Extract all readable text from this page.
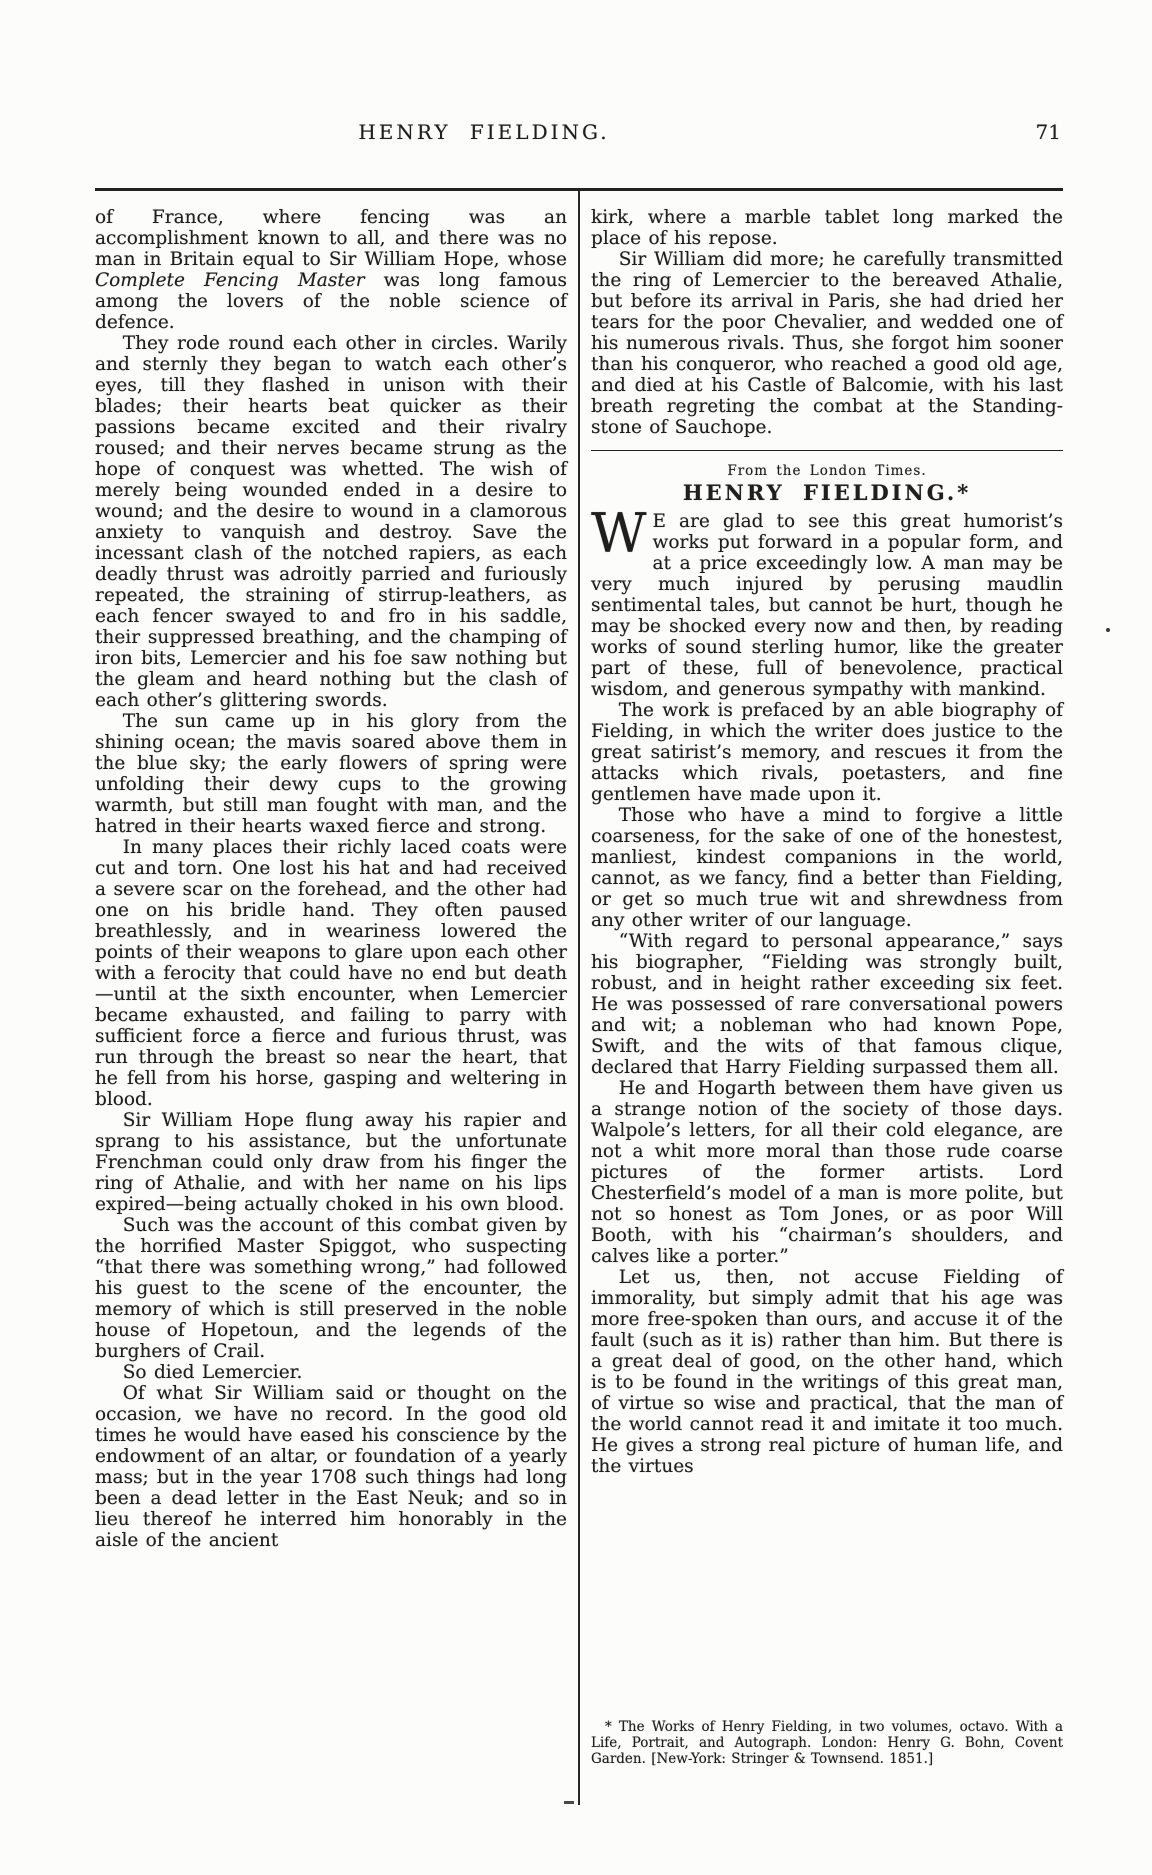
HENRY FIELDING.	71

of France, where fencing was an accomplishment known to all, and there was no man in Britain equal to Sir William Hope, whose Complete Fencing Master was long famous among the lovers of the noble science of defence.

They rode round each other in circles. Warily and sternly they began to watch each other’s eyes, till they flashed in unison with their blades; their hearts beat quicker as their passions became excited and their rivalry roused; and their nerves became strung as the hope of conquest was whetted. The wish of merely being wounded ended in a desire to wound; and the desire to wound in a clamorous anxiety to vanquish and destroy. Save the incessant clash of the notched rapiers, as each deadly thrust was adroitly parried and furiously repeated, the straining of stirrup-leathers, as each fencer swayed to and fro in his saddle, their suppressed breathing, and the champing of iron bits, Lemercier and his foe saw nothing but the gleam and heard nothing but the clash of each other’s glittering swords.

The sun came up in his glory from the shining ocean; the mavis soared above them in the blue sky; the early flowers of spring were unfolding their dewy cups to the growing warmth, but still man fought with man, and the hatred in their hearts waxed fierce and strong.

In many places their richly laced coats were cut and torn. One lost his hat and had received a severe scar on the forehead, and the other had one on his bridle hand. They often paused breathlessly, and in weariness lowered the points of their weapons to glare upon each other with a ferocity that could have no end but death—until at the sixth encounter, when Lemercier became exhausted, and failing to parry with sufficient force a fierce and furious thrust, was run through the breast so near the heart, that he fell from his horse, gasping and weltering in blood.

Sir William Hope flung away his rapier and sprang to his assistance, but the unfortunate Frenchman could only draw from his finger the ring of Athalie, and with her name on his lips expired—being actually choked in his own blood.

Such was the account of this combat given by the horrified Master Spiggot, who suspecting “that there was something wrong,” had followed his guest to the scene of the encounter, the memory of which is still preserved in the noble house of Hopetoun, and the legends of the burghers of Crail.

So died Lemercier.

Of what Sir William said or thought on the occasion, we have no record. In the good old times he would have eased his conscience by the endowment of an altar, or foundation of a yearly mass; but in the year 1708 such things had long been a dead letter in the East Neuk; and so in lieu thereof he interred him honorably in the aisle of the ancient

kirk, where a marble tablet long marked the place of his repose.

Sir William did more; he carefully transmitted the ring of Lemercier to the bereaved Athalie, but before its arrival in Paris, she had dried her tears for the poor Chevalier, and wedded one of his numerous rivals. Thus, she forgot him sooner than his conqueror, who reached a good old age, and died at his Castle of Balcomie, with his last breath regreting the combat at the Standing-stone of Sauchope.

From the London Times.

HENRY FIELDING.*

W E are glad to see this great humorist’s works put forward in a popular form, and at a price exceedingly low. A man may be very much injured by perusing maudlin sentimental tales, but cannot be hurt, though he may be shocked every now and then, by reading works of sound sterling humor, like the greater part of these, full of benevolence, practical wisdom, and generous sympathy with mankind.

The work is prefaced by an able biography of Fielding, in which the writer does justice to the great satirist’s memory, and rescues it from the attacks which rivals, poetasters, and fine gentlemen have made upon it.

Those who have a mind to forgive a little coarseness, for the sake of one of the honestest, manliest, kindest companions in the world, cannot, as we fancy, find a better than Fielding, or get so much true wit and shrewdness from any other writer of our language.

“With regard to personal appearance,” says his biographer, “Fielding was strongly built, robust, and in height rather exceeding six feet. He was possessed of rare conversational powers and wit; a nobleman who had known Pope, Swift, and the wits of that famous clique, declared that Harry Fielding surpassed them all.

He and Hogarth between them have given us a strange notion of the society of those days. Walpole’s letters, for all their cold elegance, are not a whit more moral than those rude coarse pictures of the former artists. Lord Chesterfield’s model of a man is more polite, but not so honest as Tom Jones, or as poor Will Booth, with his “chairman’s shoulders, and calves like a porter.”

Let us, then, not accuse Fielding of immorality, but simply admit that his age was more free-spoken than ours, and accuse it of the fault (such as it is) rather than him. But there is a great deal of good, on the other hand, which is to be found in the writings of this great man, of virtue so wise and practical, that the man of the world cannot read it and imitate it too much. He gives a strong real picture of human life, and the virtues

* The Works of Henry Fielding, in two volumes, octavo. With a Life, Portrait, and Autograph. London: Henry G. Bohn, Covent Garden. [New-York: Stringer & Townsend. 1851.]
